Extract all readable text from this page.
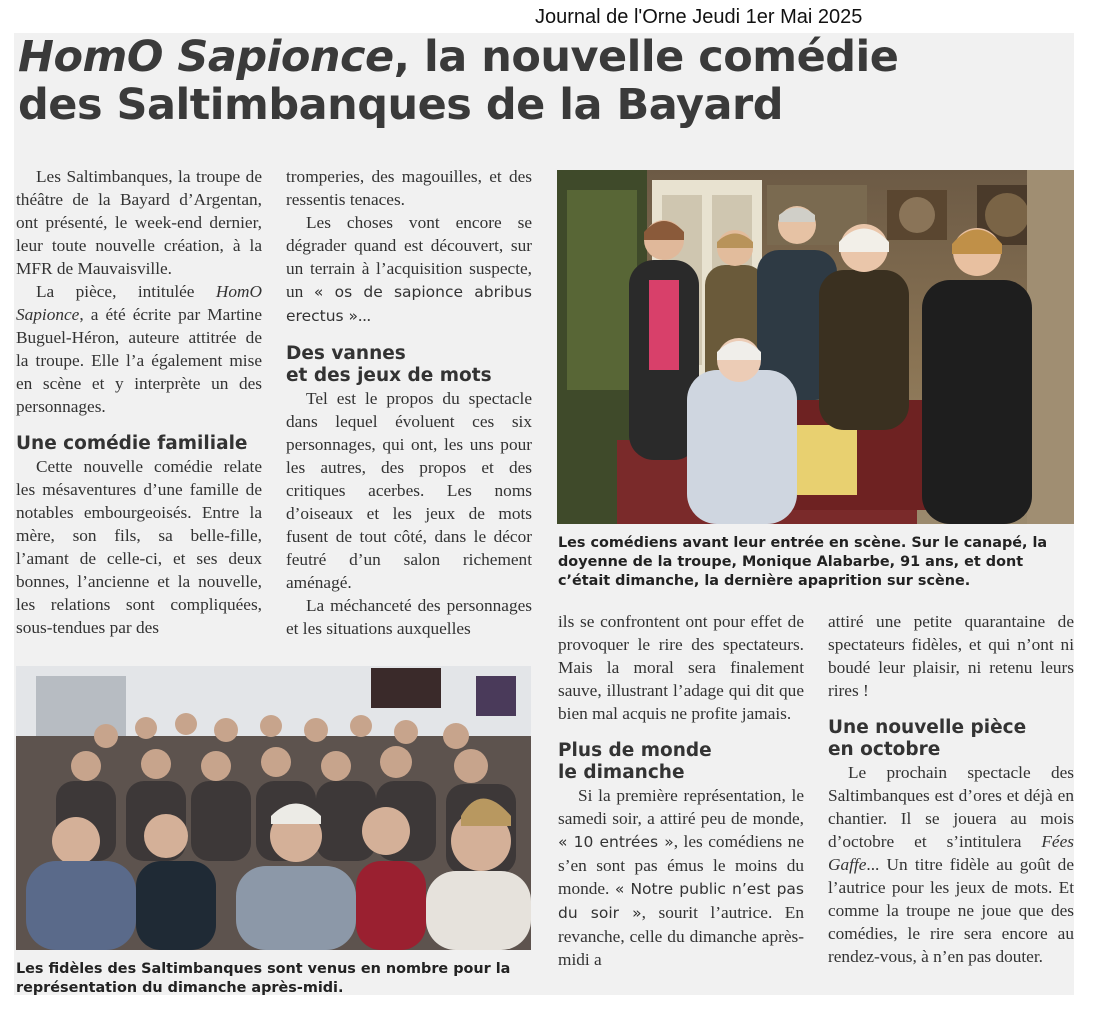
Journal de l'Orne Jeudi 1er Mai 2025
HomO Sapionce, la nouvelle comédie
des Saltimbanques de la Bayard

Les Saltimbanques, la troupe de théâtre de la Bayard d’Argentan, ont présenté, le week-end dernier, leur toute nouvelle création, à la MFR de Mauvaisville.

La pièce, intitulée HomO Sapionce, a été écrite par Martine Buguel-Héron, auteure attitrée de la troupe. Elle l’a également mise en scène et y interprète un des personnages.

Une comédie familiale

Cette nouvelle comédie relate les mésaventures d’une famille de notables embourgeoisés. Entre la mère, son fils, sa belle-fille, l’amant de celle-ci, et ses deux bonnes, l’ancienne et la nouvelle, les relations sont compliquées, sous-tendues par des

tromperies, des magouilles, et des ressentis tenaces.

Les choses vont encore se dégrader quand est découvert, sur un terrain à l’acquisition suspecte, un « os de sapionce abribus erectus »...

Des vannes
et des jeux de mots

Tel est le propos du spectacle dans lequel évoluent ces six personnages, qui ont, les uns pour les autres, des propos et des critiques acerbes. Les noms d’oiseaux et les jeux de mots fusent de tout côté, dans le décor feutré d’un salon richement aménagé.

La méchanceté des personnages et les situations auxquelles	ils se confrontent ont pour effet de provoquer le rire des spectateurs. Mais la moral sera finalement sauve, illustrant l’adage qui dit que bien mal acquis ne profite jamais.

Plus de monde
le dimanche

Si la première représentation, le samedi soir, a attiré peu de monde, « 10 entrées », les comédiens ne s’en sont pas émus le moins du monde. « Notre public n’est pas du soir », sourit l’autrice. En revanche, celle du dimanche après-midi a

attiré une petite quarantaine de spectateurs fidèles, et qui n’ont ni boudé leur plaisir, ni retenu leurs rires !

Une nouvelle pièce
en octobre

Le prochain spectacle des Saltimbanques est d’ores et déjà en chantier. Il se jouera au mois d’octobre et s’intitulera Fées Gaffe... Un titre fidèle au goût de l’autrice pour les jeux de mots. Et comme la troupe ne joue que des comédies, le rire sera encore au rendez-vous, à n’en pas douter.

Les comédiens avant leur entrée en scène. Sur le canapé, la doyenne de la troupe, Monique Alabarbe, 91 ans, et dont c’était dimanche, la dernière apaprition sur scène.
Les fidèles des Saltimbanques sont venus en nombre pour la représentation du dimanche après-midi.
